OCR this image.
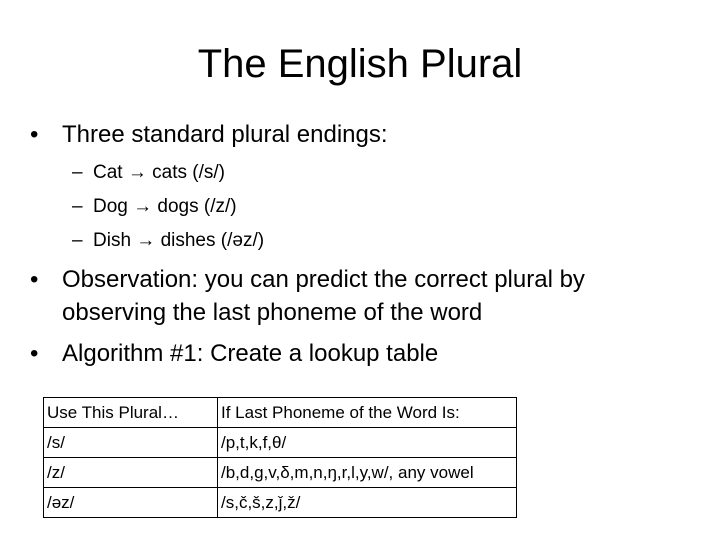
The English Plural
• Three standard plural endings:
– Cat → cats (/s/)
– Dog → dogs (/z/)
– Dish → dishes (/əz/)
• Observation: you can predict the correct plural by
observing the last phoneme of the word
• Algorithm #1: Create a lookup table
Use This Plural…	If Last Phoneme of the Word Is:
/s/	/p,t,k,f,θ/
/z/	/b,d,g,v,δ,m,n,ŋ,r,l,y,w/, any vowel
/əz/	/s,č,š,z,ǰ,ž/
